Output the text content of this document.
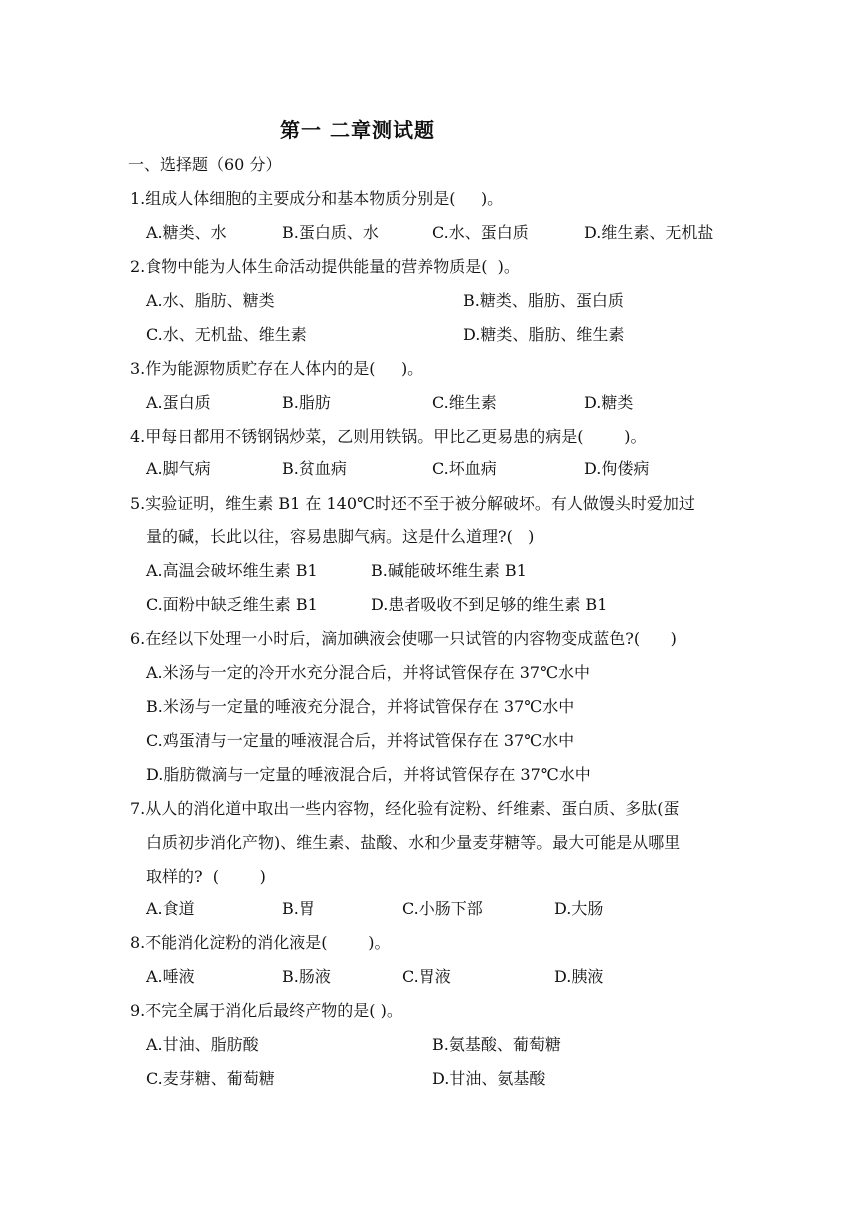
第一 二章测试题
一、选择题（60 分）
1.组成人体细胞的主要成分和基本物质分别是(     )。
A.糖类、水	B.蛋白质、水	C.水、蛋白质	D.维生素、无机盐
2.食物中能为人体生命活动提供能量的营养物质是(  )。
A.水、脂肪、糖类	B.糖类、脂肪、蛋白质
C.水、无机盐、维生素	D.糖类、脂肪、维生素
3.作为能源物质贮存在人体内的是(     )。
A.蛋白质	B.脂肪	C.维生素	D.糖类
4.甲每日都用不锈钢锅炒菜，乙则用铁锅。甲比乙更易患的病是(        )。
A.脚气病	B.贫血病	C.坏血病	D.佝偻病
5.实验证明，维生素 B1 在 140℃时还不至于被分解破坏。有人做馒头时爱加过
量的碱，长此以往，容易患脚气病。这是什么道理?(   )
A.高温会破坏维生素 B1	B.碱能破坏维生素 B1
C.面粉中缺乏维生素 B1	D.患者吸收不到足够的维生素 B1
6.在经以下处理一小时后，滴加碘液会使哪一只试管的内容物变成蓝色?(      )
A.米汤与一定的冷开水充分混合后，并将试管保存在 37℃水中
B.米汤与一定量的唾液充分混合，并将试管保存在 37℃水中
C.鸡蛋清与一定量的唾液混合后，并将试管保存在 37℃水中
D.脂肪微滴与一定量的唾液混合后，并将试管保存在 37℃水中
7.从人的消化道中取出一些内容物，经化验有淀粉、纤维素、蛋白质、多肽(蛋
白质初步消化产物)、维生素、盐酸、水和少量麦芽糖等。最大可能是从哪里
取样的?  (        )
A.食道	B.胃	C.小肠下部	D.大肠
8.不能消化淀粉的消化液是(        )。
A.唾液	B.肠液	C.胃液	D.胰液
9.不完全属于消化后最终产物的是( )。
A.甘油、脂肪酸	B.氨基酸、葡萄糖
C.麦芽糖、葡萄糖	D.甘油、氨基酸
